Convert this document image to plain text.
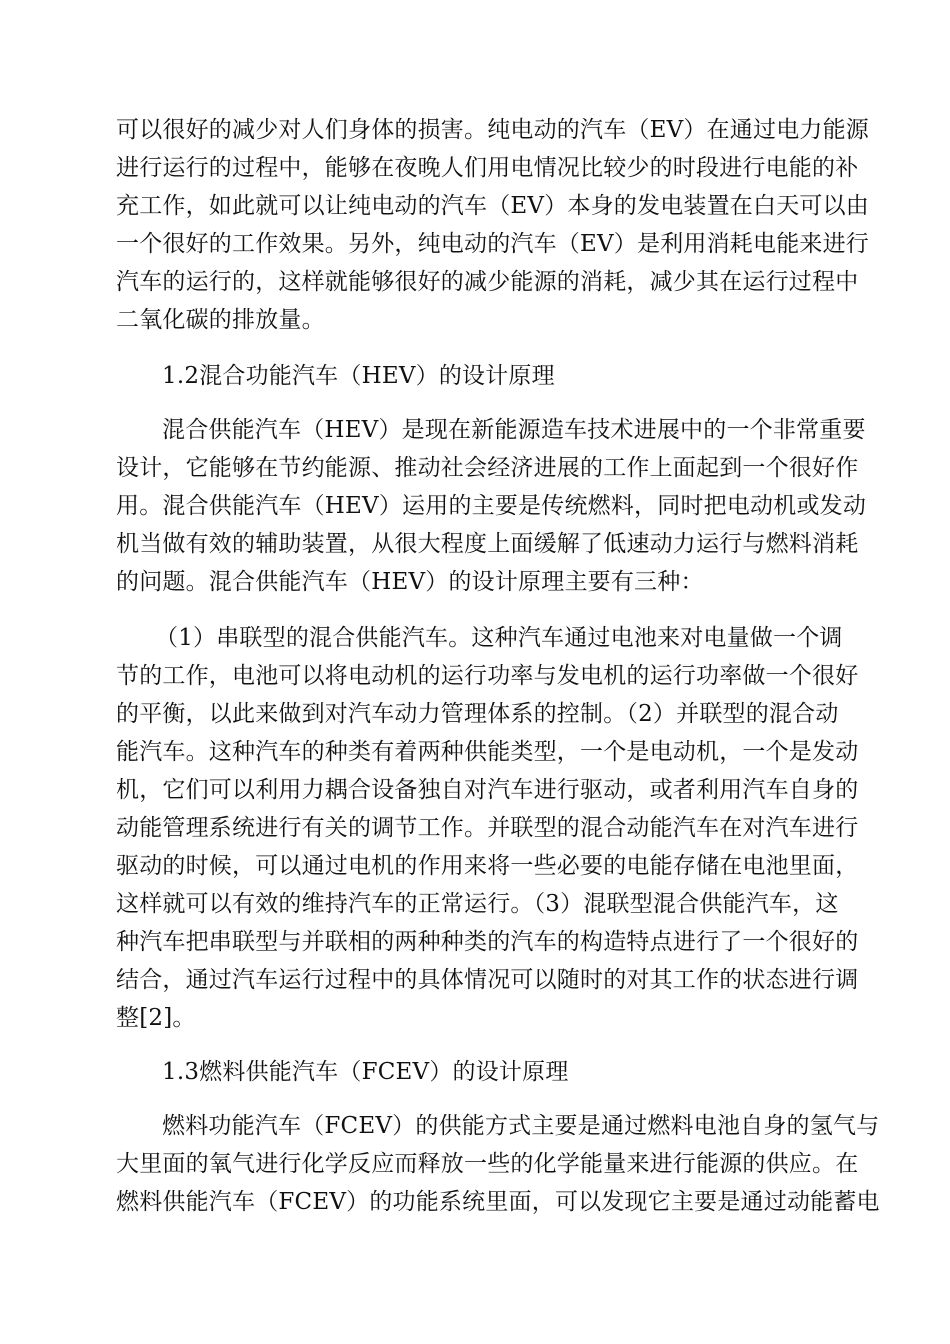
可以很好的减少对人们身体的损害。纯电动的汽车（EV）在通过电力能源
进行运行的过程中，能够在夜晚人们用电情况比较少的时段进行电能的补
充工作，如此就可以让纯电动的汽车（EV）本身的发电装置在白天可以由
一个很好的工作效果。另外，纯电动的汽车（EV）是利用消耗电能来进行
汽车的运行的，这样就能够很好的减少能源的消耗，减少其在运行过程中
二氧化碳的排放量。
1.2混合功能汽车（HEV）的设计原理
混合供能汽车（HEV）是现在新能源造车技术进展中的一个非常重要
设计，它能够在节约能源、推动社会经济进展的工作上面起到一个很好作
用。混合供能汽车（HEV）运用的主要是传统燃料，同时把电动机或发动
机当做有效的辅助装置，从很大程度上面缓解了低速动力运行与燃料消耗
的问题。混合供能汽车（HEV）的设计原理主要有三种：
（1）串联型的混合供能汽车。这种汽车通过电池来对电量做一个调
节的工作，电池可以将电动机的运行功率与发电机的运行功率做一个很好
的平衡，以此来做到对汽车动力管理体系的控制。（2）并联型的混合动
能汽车。这种汽车的种类有着两种供能类型，一个是电动机，一个是发动
机，它们可以利用力耦合设备独自对汽车进行驱动，或者利用汽车自身的
动能管理系统进行有关的调节工作。并联型的混合动能汽车在对汽车进行
驱动的时候，可以通过电机的作用来将一些必要的电能存储在电池里面，
这样就可以有效的维持汽车的正常运行。（3）混联型混合供能汽车，这
种汽车把串联型与并联相的两种种类的汽车的构造特点进行了一个很好的
结合，通过汽车运行过程中的具体情况可以随时的对其工作的状态进行调
整[2]。
1.3燃料供能汽车（FCEV）的设计原理
燃料功能汽车（FCEV）的供能方式主要是通过燃料电池自身的氢气与
大里面的氧气进行化学反应而释放一些的化学能量来进行能源的供应。在
燃料供能汽车（FCEV）的功能系统里面，可以发现它主要是通过动能蓄电
